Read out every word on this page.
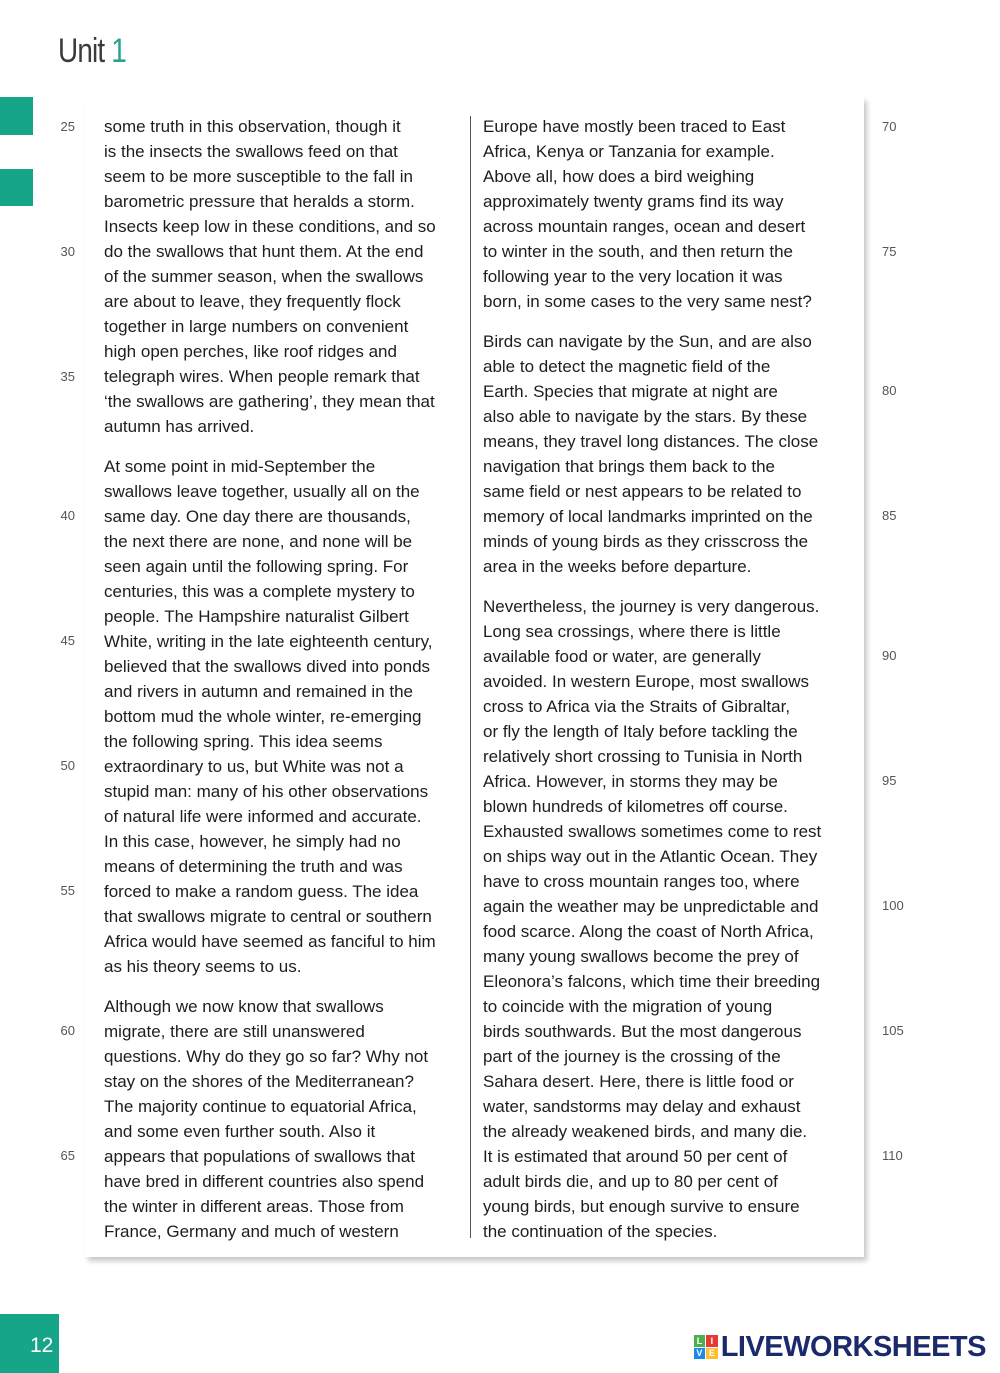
Unit 1
25
30
35
40
45
50
55
60
65
70
75
80
85
90
95
100
105
110

some truth in this observation, though it
is the insects the swallows feed on that
seem to be more susceptible to the fall in
barometric pressure that heralds a storm.
Insects keep low in these conditions, and so
do the swallows that hunt them. At the end
of the summer season, when the swallows
are about to leave, they frequently flock
together in large numbers on convenient
high open perches, like roof ridges and
telegraph wires. When people remark that
‘the swallows are gathering’, they mean that
autumn has arrived.

At some point in mid-September the
swallows leave together, usually all on the
same day. One day there are thousands,
the next there are none, and none will be
seen again until the following spring. For
centuries, this was a complete mystery to
people. The Hampshire naturalist Gilbert
White, writing in the late eighteenth century,
believed that the swallows dived into ponds
and rivers in autumn and remained in the
bottom mud the whole winter, re-emerging
the following spring. This idea seems
extraordinary to us, but White was not a
stupid man: many of his other observations
of natural life were informed and accurate.
In this case, however, he simply had no
means of determining the truth and was
forced to make a random guess. The idea
that swallows migrate to central or southern
Africa would have seemed as fanciful to him
as his theory seems to us.

Although we now know that swallows
migrate, there are still unanswered
questions. Why do they go so far? Why not
stay on the shores of the Mediterranean?
The majority continue to equatorial Africa,
and some even further south. Also it
appears that populations of swallows that
have bred in different countries also spend
the winter in different areas. Those from
France, Germany and much of western

Europe have mostly been traced to East
Africa, Kenya or Tanzania for example.
Above all, how does a bird weighing
approximately twenty grams find its way
across mountain ranges, ocean and desert
to winter in the south, and then return the
following year to the very location it was
born, in some cases to the very same nest?

Birds can navigate by the Sun, and are also
able to detect the magnetic field of the
Earth. Species that migrate at night are
also able to navigate by the stars. By these
means, they travel long distances. The close
navigation that brings them back to the
same field or nest appears to be related to
memory of local landmarks imprinted on the
minds of young birds as they crisscross the
area in the weeks before departure.

Nevertheless, the journey is very dangerous.
Long sea crossings, where there is little
available food or water, are generally
avoided. In western Europe, most swallows
cross to Africa via the Straits of Gibraltar,
or fly the length of Italy before tackling the
relatively short crossing to Tunisia in North
Africa. However, in storms they may be
blown hundreds of kilometres off course.
Exhausted swallows sometimes come to rest
on ships way out in the Atlantic Ocean. They
have to cross mountain ranges too, where
again the weather may be unpredictable and
food scarce. Along the coast of North Africa,
many young swallows become the prey of
Eleonora’s falcons, which time their breeding
to coincide with the migration of young
birds southwards. But the most dangerous
part of the journey is the crossing of the
Sahara desert. Here, there is little food or
water, sandstorms may delay and exhaust
the already weakened birds, and many die.
It is estimated that around 50 per cent of
adult birds die, and up to 80 per cent of
young birds, but enough survive to ensure
the continuation of the species.

12	L I
V E LIVEWORKSHEETS
